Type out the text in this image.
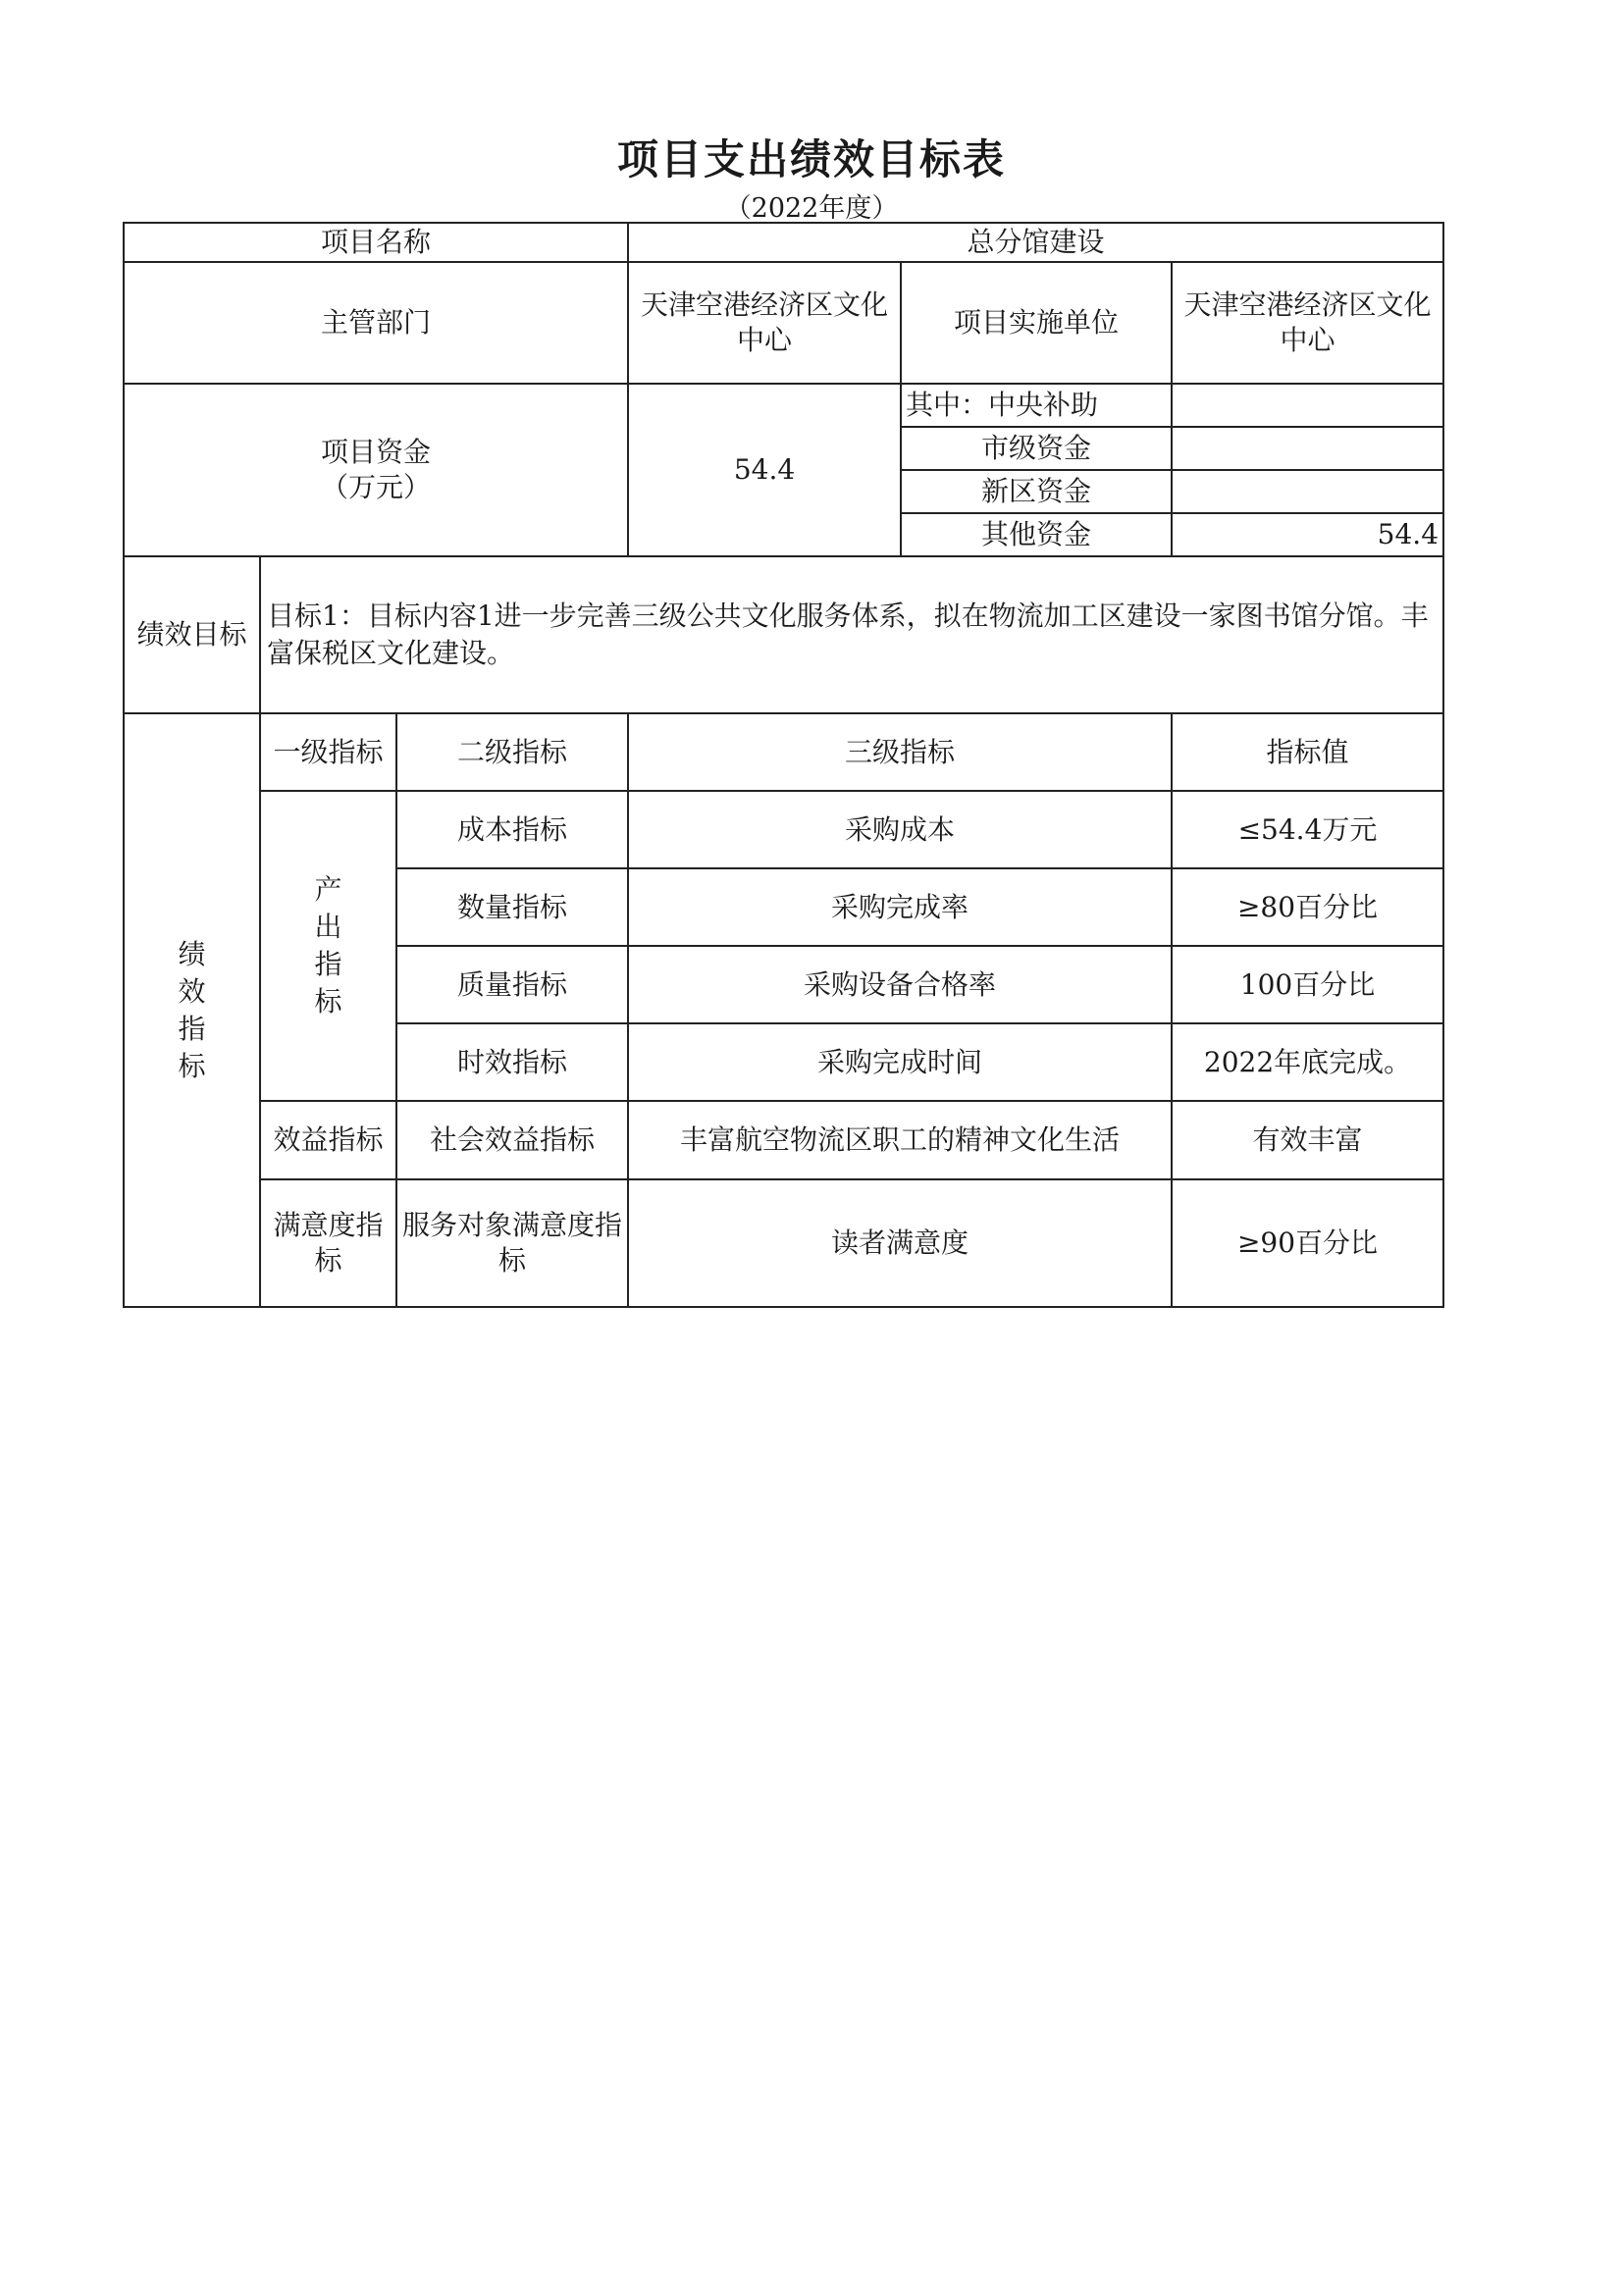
项目支出绩效目标表
（2022年度）
项目名称			总分馆建设		
主管部门			天津空港经济区文化中心	项目实施单位	天津空港经济区文化中心

项目资金
（万元）			54.4	其中：中央补助	
				市级资金	
				新区资金	
				其他资金	54.4
绩效目标	目标1：目标内容1进一步完善三级公共文化服务体系，拟在物流加工区建设一家图书馆分馆。丰富保税区文化建设。				

绩
效
指
标	一级指标	二级指标	三级指标		指标值

	产
出
指
标	成本指标	采购成本		≤54.4万元
		数量指标	采购完成率		≥80百分比
		质量指标	采购设备合格率		100百分比
		时效指标	采购完成时间		2022年底完成。
	效益指标	社会效益指标	丰富航空物流区职工的精神文化生活		有效丰富
	满意度指标	服务对象满意度指标	读者满意度		≥90百分比
